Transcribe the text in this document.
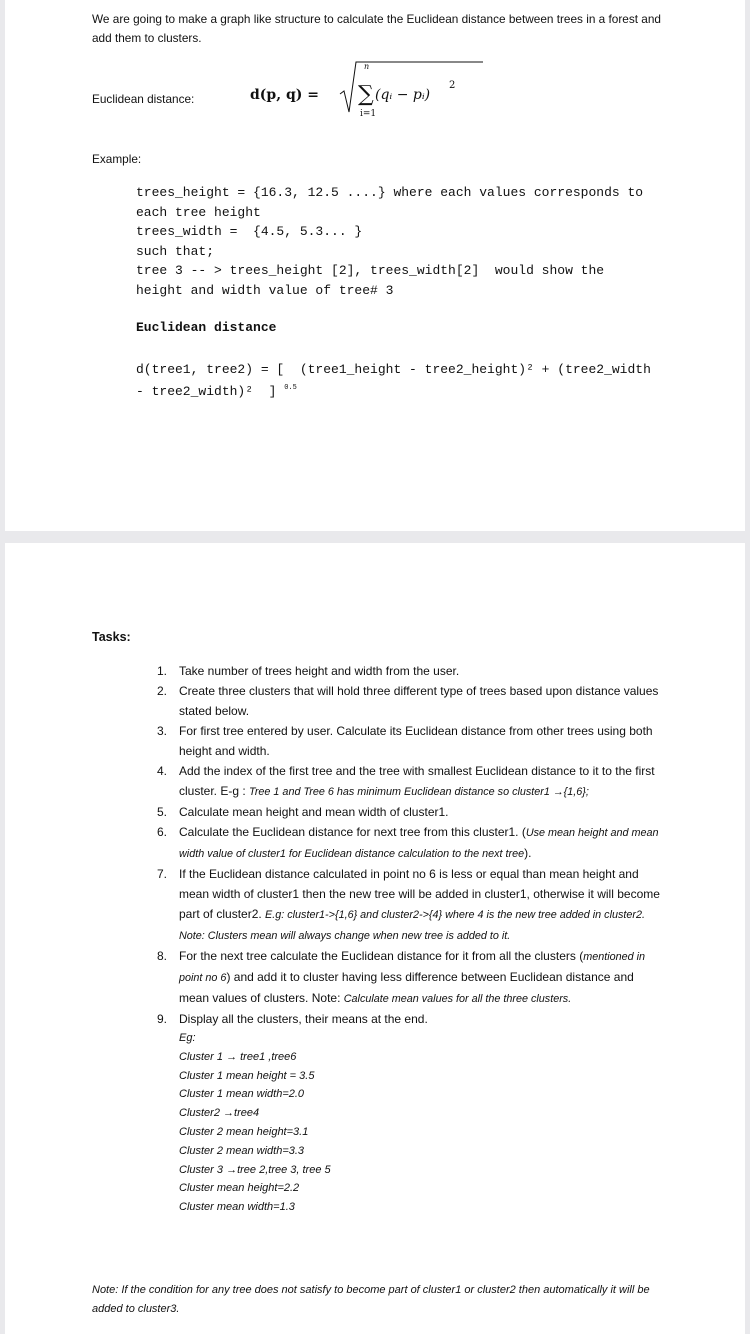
We are going to make a graph like structure to calculate the Euclidean distance between trees in a forest and add them to clusters.
Euclidean distance:	d(p, q) =
n
∑
i=1
(qᵢ − pᵢ)
2
Example:
trees_height = {16.3, 12.5 ....} where each values corresponds to
each tree height
trees_width =  {4.5, 5.3... }
such that;
tree 3 -- > trees_height [2], trees_width[2]  would show the
height and width value of tree# 3
Euclidean distance
d(tree1, tree2) = [  (tree1_height - tree2_height)² + (tree2_width
- tree2_width)²  ] $^{0.5}$
Tasks:
1. Take number of trees height and width from the user.
2. Create three clusters that will hold three different type of trees based upon distance values stated below.
3. For first tree entered by user. Calculate its Euclidean distance from other trees using both height and width.
4. Add the index of the first tree and the tree with smallest Euclidean distance to it to the first cluster. E-g : Tree 1 and Tree 6 has minimum Euclidean distance so cluster1 →{1,6};
5. Calculate mean height and mean width of cluster1.
6. Calculate the Euclidean distance for next tree from this cluster1. (Use mean height and mean width value of cluster1 for Euclidean distance calculation to the next tree).
7. If the Euclidean distance calculated in point no 6 is less or equal than mean height and mean width of cluster1 then the new tree will be added in cluster1, otherwise it will become part of cluster2. E.g: cluster1->{1,6} and cluster2->{4} where 4 is the new tree added in cluster2. Note: Clusters mean will always change when new tree is added to it.
8. For the next tree calculate the Euclidean distance for it from all the clusters (mentioned in point no 6) and add it to cluster having less difference between Euclidean distance and mean values of clusters. Note: Calculate mean values for all the three clusters.
9. Display all the clusters, their means at the end.
Eg:
Cluster 1 → tree1 ,tree6
Cluster 1 mean height = 3.5
Cluster 1 mean width=2.0
Cluster2 →tree4
Cluster 2 mean height=3.1
Cluster 2 mean width=3.3
Cluster 3 →tree 2,tree 3, tree 5
Cluster mean height=2.2
Cluster mean width=1.3
Note: If the condition for any tree does not satisfy to become part of cluster1 or cluster2 then automatically it will be added to cluster3.
